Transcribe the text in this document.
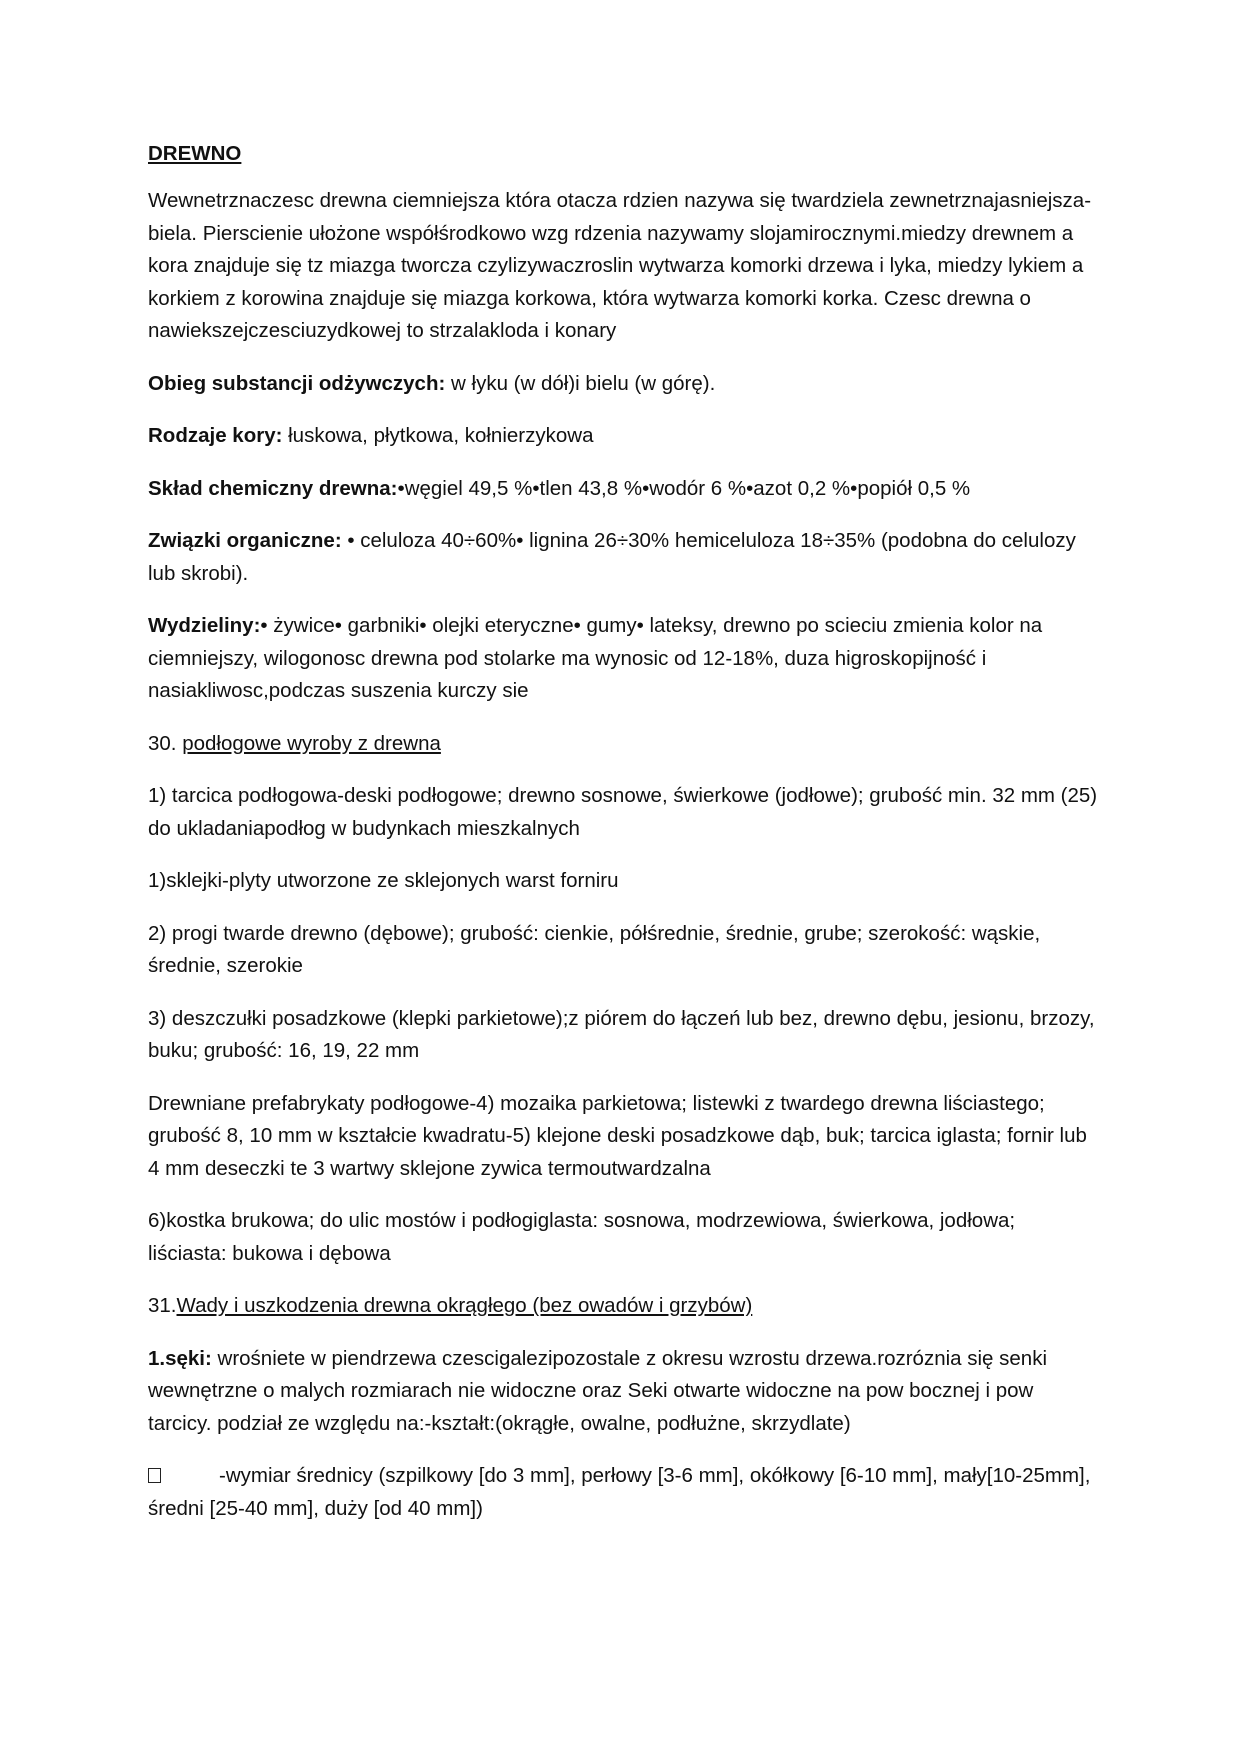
DREWNO
Wewnetrznaczesc drewna ciemniejsza która otacza rdzien nazywa się twardziela zewnetrznajasniejsza-biela. Pierscienie ułożone współśrodkowo wzg rdzenia nazywamy slojamirocznymi.miedzy drewnem a kora znajduje się tz miazga tworcza czylizywaczroslin wytwarza komorki drzewa i lyka, miedzy lykiem a korkiem z korowina znajduje się miazga korkowa, która wytwarza komorki korka. Czesc drewna o nawiekszejczesciuzydkowej to strzalakloda i konary
Obieg substancji odżywczych: w łyku (w dół)i bielu (w górę).
Rodzaje kory: łuskowa, płytkowa, kołnierzykowa
Skład chemiczny drewna:•węgiel 49,5 %•tlen 43,8 %•wodór 6 %•azot 0,2 %•popiół 0,5 %
Związki organiczne: • celuloza 40÷60%• lignina 26÷30% hemiceluloza 18÷35% (podobna do celulozy lub skrobi).
Wydzieliny:• żywice• garbniki• olejki eteryczne• gumy• lateksy, drewno po scieciu zmienia kolor na ciemniejszy, wilogonosc drewna pod stolarke ma wynosic od 12-18%, duza higroskopijność i nasiakliwosc,podczas suszenia kurczy sie
30. podłogowe wyroby z drewna
1) tarcica podłogowa-deski podłogowe; drewno sosnowe, świerkowe (jodłowe); grubość min. 32 mm (25) do ukladaniapodłog w budynkach mieszkalnych
1)sklejki-plyty utworzone ze sklejonych warst forniru
2) progi twarde drewno (dębowe); grubość: cienkie, półśrednie, średnie, grube; szerokość: wąskie, średnie, szerokie
3) deszczułki posadzkowe (klepki parkietowe);z piórem do łączeń lub bez, drewno dębu, jesionu, brzozy, buku; grubość: 16, 19, 22 mm
Drewniane prefabrykaty podłogowe-4) mozaika parkietowa; listewki z twardego drewna liściastego; grubość 8, 10 mm w kształcie kwadratu-5) klejone deski posadzkowe dąb, buk; tarcica iglasta; fornir lub 4 mm deseczki te 3 wartwy sklejone zywica termoutwardzalna
6)kostka brukowa; do ulic mostów i podłogiglasta: sosnowa, modrzewiowa, świerkowa, jodłowa; liściasta: bukowa i dębowa
31.Wady i uszkodzenia drewna okrągłego (bez owadów i grzybów)
1.sęki: wrośniete w piendrzewa czescigalezipozostale z okresu wzrostu drzewa.rozróznia się senki wewnętrzne o malych rozmiarach nie widoczne oraz Seki otwarte widoczne na pow bocznej i pow tarcicy. podział ze względu na:-kształt:(okrągłe, owalne, podłużne, skrzydlate)
-wymiar średnicy (szpilkowy [do 3 mm], perłowy [3-6 mm], okółkowy [6-10 mm], mały[10-25mm], średni [25-40 mm], duży [od 40 mm])
